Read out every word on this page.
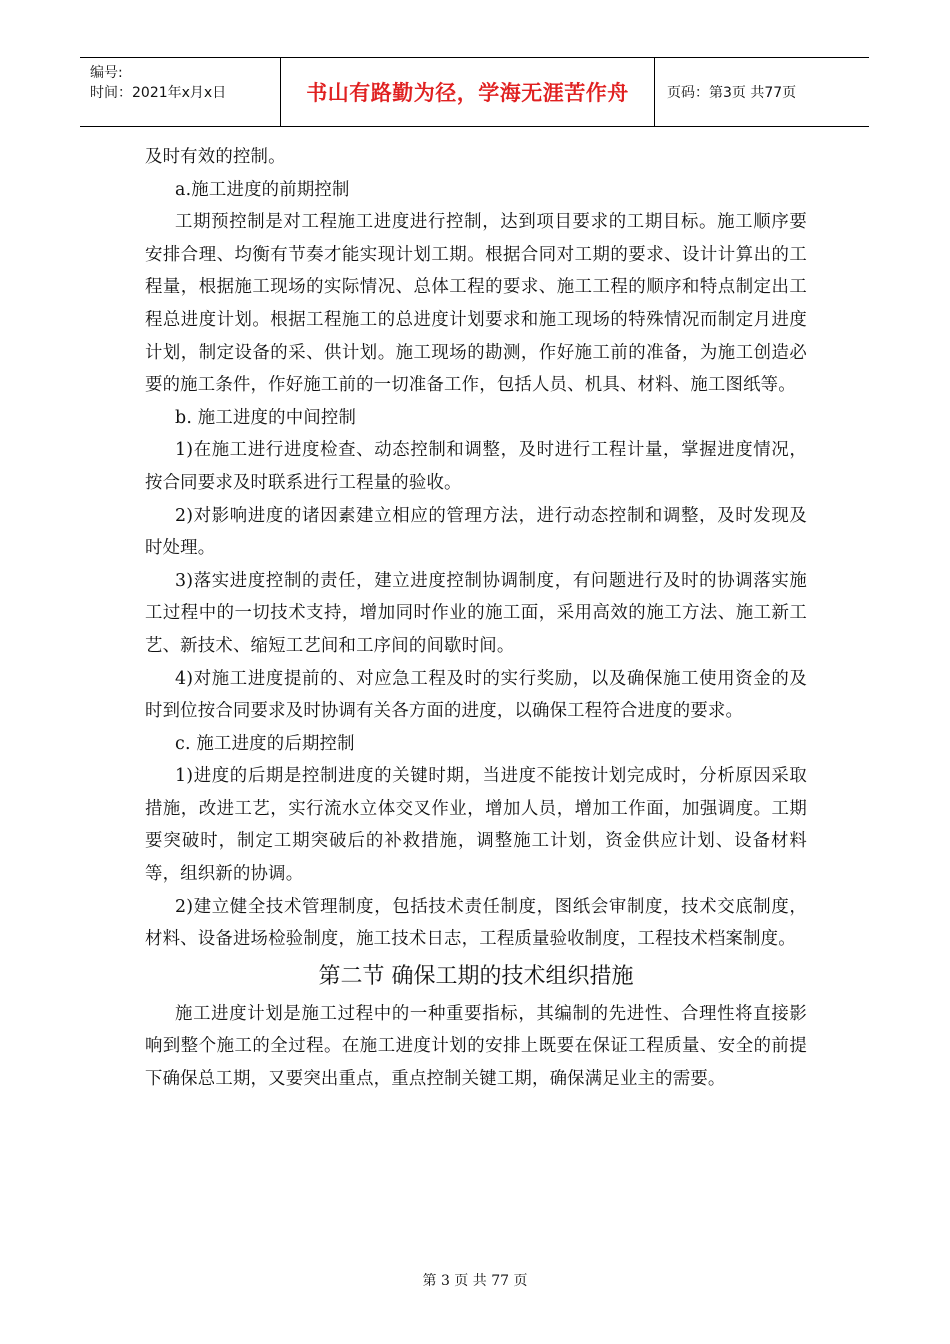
编号:
时间：2021年x月x日	书山有路勤为径，学海无涯苦作舟	页码：第3页 共77页

及时有效的控制。

a.施工进度的前期控制

工期预控制是对工程施工进度进行控制，达到项目要求的工期目标。施工顺序要安排合理、均衡有节奏才能实现计划工期。根据合同对工期的要求、设计计算出的工程量，根据施工现场的实际情况、总体工程的要求、施工工程的顺序和特点制定出工程总进度计划。根据工程施工的总进度计划要求和施工现场的特殊情况而制定月进度计划，制定设备的采、供计划。施工现场的勘测，作好施工前的准备，为施工创造必要的施工条件，作好施工前的一切准备工作，包括人员、机具、材料、施工图纸等。

b. 施工进度的中间控制

1)在施工进行进度检查、动态控制和调整，及时进行工程计量，掌握进度情况，按合同要求及时联系进行工程量的验收。

2)对影响进度的诸因素建立相应的管理方法，进行动态控制和调整，及时发现及时处理。

3)落实进度控制的责任，建立进度控制协调制度，有问题进行及时的协调落实施工过程中的一切技术支持，增加同时作业的施工面，采用高效的施工方法、施工新工艺、新技术、缩短工艺间和工序间的间歇时间。

4)对施工进度提前的、对应急工程及时的实行奖励，以及确保施工使用资金的及时到位按合同要求及时协调有关各方面的进度，以确保工程符合进度的要求。

c. 施工进度的后期控制

1)进度的后期是控制进度的关键时期，当进度不能按计划完成时，分析原因采取措施，改进工艺，实行流水立体交叉作业，增加人员，增加工作面，加强调度。工期要突破时，制定工期突破后的补救措施，调整施工计划，资金供应计划、设备材料等，组织新的协调。

2)建立健全技术管理制度，包括技术责任制度，图纸会审制度，技术交底制度，材料、设备进场检验制度，施工技术日志，工程质量验收制度，工程技术档案制度。

第二节 确保工期的技术组织措施

施工进度计划是施工过程中的一种重要指标，其编制的先进性、合理性将直接影响到整个施工的全过程。在施工进度计划的安排上既要在保证工程质量、安全的前提下确保总工期，又要突出重点，重点控制关键工期，确保满足业主的需要。

第 3 页 共 77 页
